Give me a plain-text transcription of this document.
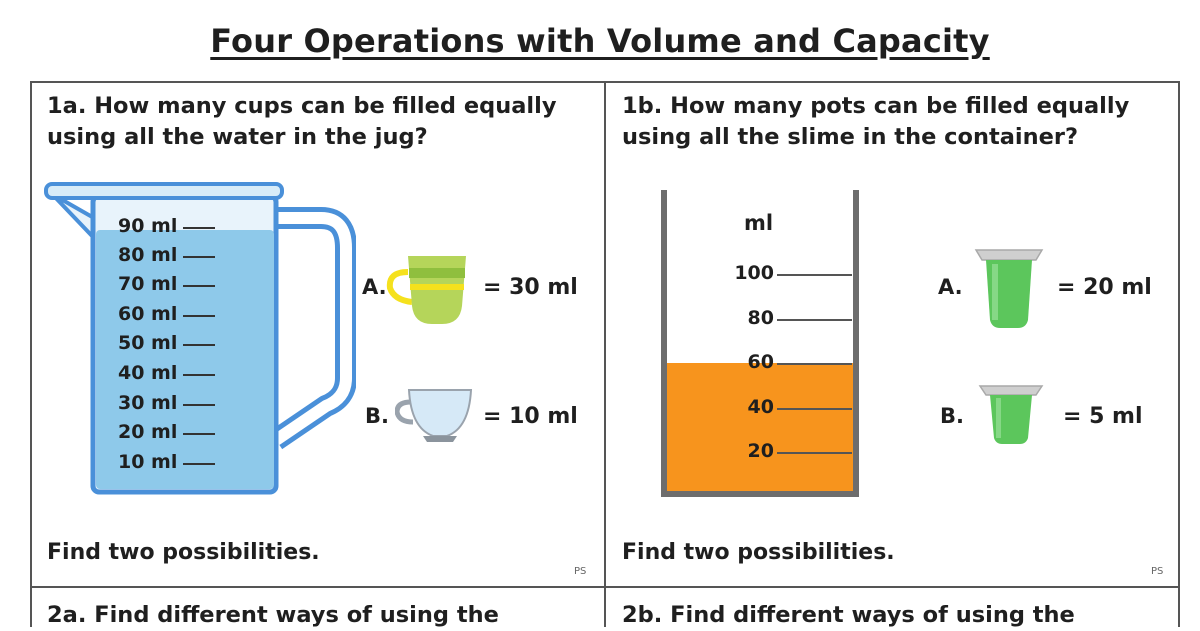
Four Operations with Volume and Capacity
1a. How many cups can be filled equally
using all the water in the jug?
90 ml
80 ml
70 ml
60 ml
50 ml
40 ml
30 ml
20 ml
10 ml
A.	= 30 ml
B.	= 10 ml
Find two possibilities.
PS
1b. How many pots can be filled equally
using all the slime in the container?
ml
100
80
60
40
20
A.	= 20 ml
B.	= 5 ml
Find two possibilities.
PS
2a. Find different ways of using the	2b. Find different ways of using the
